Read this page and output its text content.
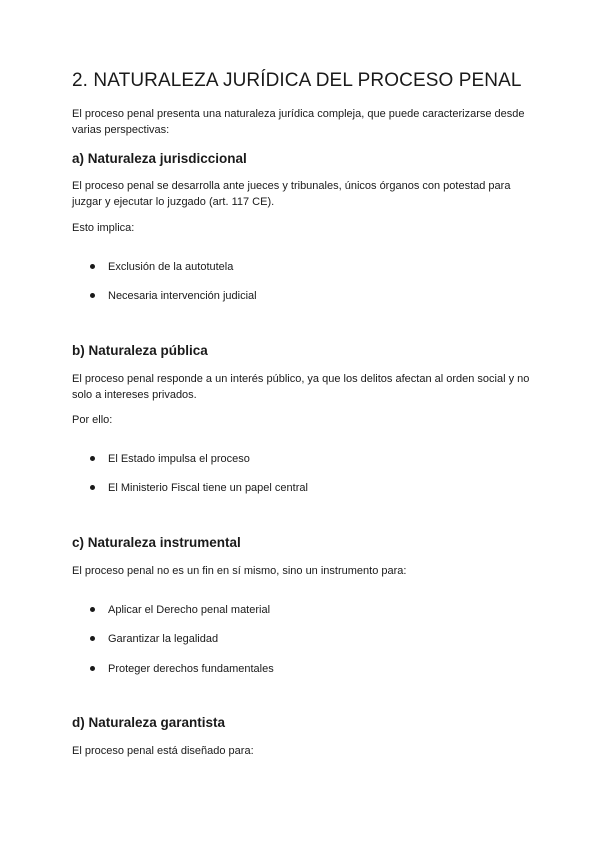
2. NATURALEZA JURÍDICA DEL PROCESO PENAL

El proceso penal presenta una naturaleza jurídica compleja, que puede caracterizarse desde varias perspectivas:

a) Naturaleza jurisdiccional

El proceso penal se desarrolla ante jueces y tribunales, únicos órganos con potestad para juzgar y ejecutar lo juzgado (art. 117 CE).

Esto implica:

Exclusión de la autotutela
Necesaria intervención judicial
b) Naturaleza pública

El proceso penal responde a un interés público, ya que los delitos afectan al orden social y no solo a intereses privados.

Por ello:

El Estado impulsa el proceso
El Ministerio Fiscal tiene un papel central
c) Naturaleza instrumental

El proceso penal no es un fin en sí mismo, sino un instrumento para:

Aplicar el Derecho penal material
Garantizar la legalidad
Proteger derechos fundamentales
d) Naturaleza garantista

El proceso penal está diseñado para:
